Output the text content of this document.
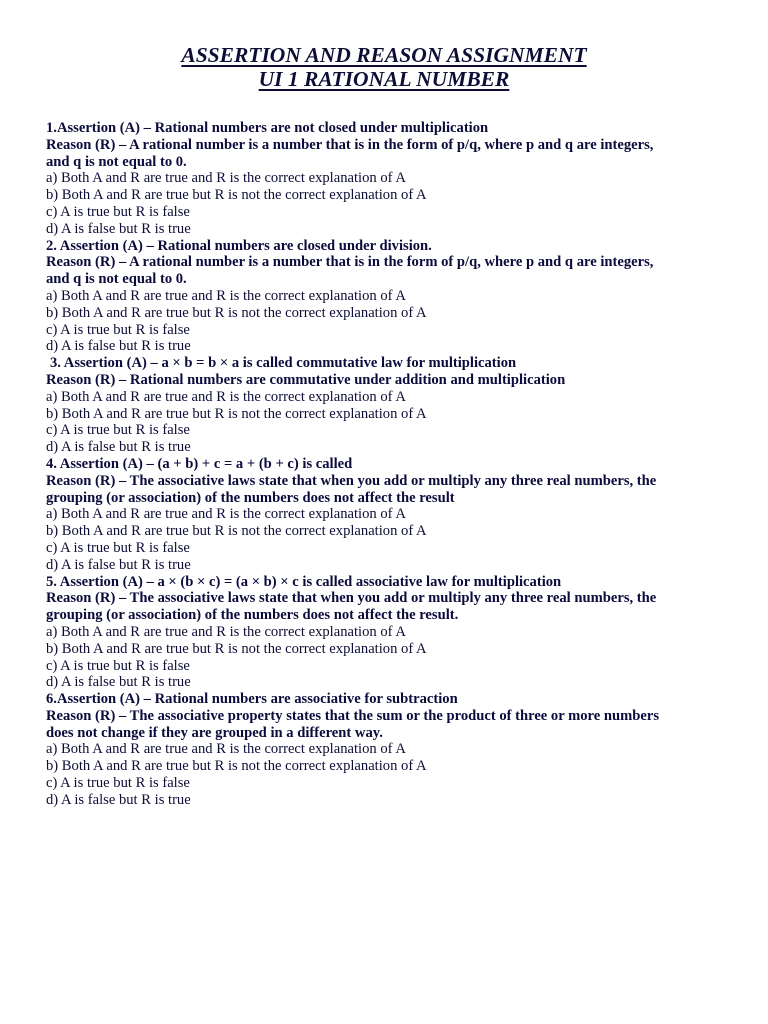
ASSERTION AND REASON ASSIGNMENT
UI 1 RATIONAL NUMBER
1.Assertion (A) – Rational numbers are not closed under multiplication
Reason (R) – A rational number is a number that is in the form of p/q, where p and q are integers,
and q is not equal to 0.
a) Both A and R are true and R is the correct explanation of A
b) Both A and R are true but R is not the correct explanation of A
c) A is true but R is false
d) A is false but R is true
2. Assertion (A) – Rational numbers are closed under division.
Reason (R) – A rational number is a number that is in the form of p/q, where p and q are integers,
and q is not equal to 0.
a) Both A and R are true and R is the correct explanation of A
b) Both A and R are true but R is not the correct explanation of A
c) A is true but R is false
d) A is false but R is true
3. Assertion (A) – a × b = b × a is called commutative law for multiplication
Reason (R) – Rational numbers are commutative under addition and multiplication
a) Both A and R are true and R is the correct explanation of A
b) Both A and R are true but R is not the correct explanation of A
c) A is true but R is false
d) A is false but R is true
4. Assertion (A) – (a + b) + c = a + (b + c) is called
Reason (R) – The associative laws state that when you add or multiply any three real numbers, the
grouping (or association) of the numbers does not affect the result
a) Both A and R are true and R is the correct explanation of A
b) Both A and R are true but R is not the correct explanation of A
c) A is true but R is false
d) A is false but R is true
5. Assertion (A) – a × (b × c) = (a × b) × c is called associative law for multiplication
Reason (R) – The associative laws state that when you add or multiply any three real numbers, the
grouping (or association) of the numbers does not affect the result.
a) Both A and R are true and R is the correct explanation of A
b) Both A and R are true but R is not the correct explanation of A
c) A is true but R is false
d) A is false but R is true
6.Assertion (A) – Rational numbers are associative for subtraction
Reason (R) – The associative property states that the sum or the product of three or more numbers
does not change if they are grouped in a different way.
a) Both A and R are true and R is the correct explanation of A
b) Both A and R are true but R is not the correct explanation of A
c) A is true but R is false
d) A is false but R is true
